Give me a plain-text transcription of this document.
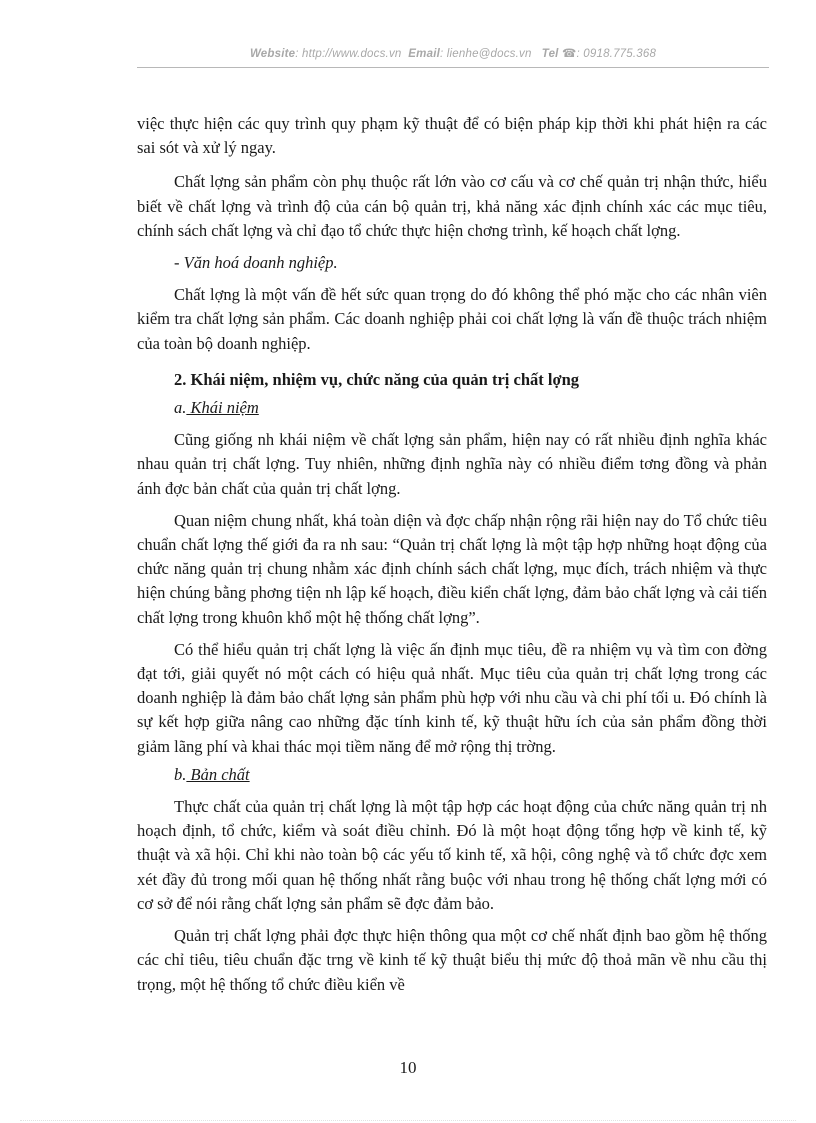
Website: http://www.docs.vn Email: lienhe@docs.vn Tel ☎: 0918.775.368

việc thực hiện các quy trình quy phạm kỹ thuật để có biện pháp kịp thời khi phát hiện ra các sai sót và xử lý ngay.

Chất lợng sản phẩm còn phụ thuộc rất lớn vào cơ cấu và cơ chế quản trị nhận thức, hiểu biết về chất lợng và trình độ của cán bộ quản trị, khả năng xác định chính xác các mục tiêu, chính sách chất lợng và chỉ đạo tổ chức thực hiện chơng trình, kế hoạch chất lợng.

- Văn hoá doanh nghiệp.

Chất lợng là một vấn đề hết sức quan trọng do đó không thể phó mặc cho các nhân viên kiểm tra chất lợng sản phẩm. Các doanh nghiệp phải coi chất lợng là vấn đề thuộc trách nhiệm của toàn bộ doanh nghiệp.

2. Khái niệm, nhiệm vụ, chức năng của quản trị chất lợng

a. Khái niệm

Cũng giống nh khái niệm về chất lợng sản phẩm, hiện nay có rất nhiều định nghĩa khác nhau quản trị chất lợng. Tuy nhiên, những định nghĩa này có nhiều điểm tơng đồng và phản ánh đợc bản chất của quản trị chất lợng.

Quan niệm chung nhất, khá toàn diện và đợc chấp nhận rộng rãi hiện nay do Tổ chức tiêu chuẩn chất lợng thế giới đa ra nh sau: “Quản trị chất lợng là một tập hợp những hoạt động của chức năng quản trị chung nhằm xác định chính sách chất lợng, mục đích, trách nhiệm và thực hiện chúng bằng phơng tiện nh lập kế hoạch, điều kiển chất lợng, đảm bảo chất lợng và cải tiến chất lợng trong khuôn khổ một hệ thống chất lợng”.

Có thể hiểu quản trị chất lợng là việc ấn định mục tiêu, đề ra nhiệm vụ và tìm con đờng đạt tới, giải quyết nó một cách có hiệu quả nhất. Mục tiêu của quản trị chất lợng trong các doanh nghiệp là đảm bảo chất lợng sản phẩm phù hợp với nhu cầu và chi phí tối u. Đó chính là sự kết hợp giữa nâng cao những đặc tính kinh tế, kỹ thuật hữu ích của sản phẩm đồng thời giảm lãng phí và khai thác mọi tiềm năng để mở rộng thị trờng.

b. Bản chất

Thực chất của quản trị chất lợng là một tập hợp các hoạt động của chức năng quản trị nh hoạch định, tổ chức, kiểm và soát điều chỉnh. Đó là một hoạt động tổng hợp về kinh tế, kỹ thuật và xã hội. Chỉ khi nào toàn bộ các yếu tố kinh tế, xã hội, công nghệ và tổ chức đợc xem xét đầy đủ trong mối quan hệ thống nhất rằng buộc với nhau trong hệ thống chất lợng mới có cơ sở để nói rằng chất lợng sản phẩm sẽ đợc đảm bảo.

Quản trị chất lợng phải đợc thực hiện thông qua một cơ chế nhất định bao gồm hệ thống các chỉ tiêu, tiêu chuẩn đặc trng về kinh tế kỹ thuật biểu thị mức độ thoả mãn về nhu cầu thị trọng, một hệ thống tổ chức điều kiển về

10
